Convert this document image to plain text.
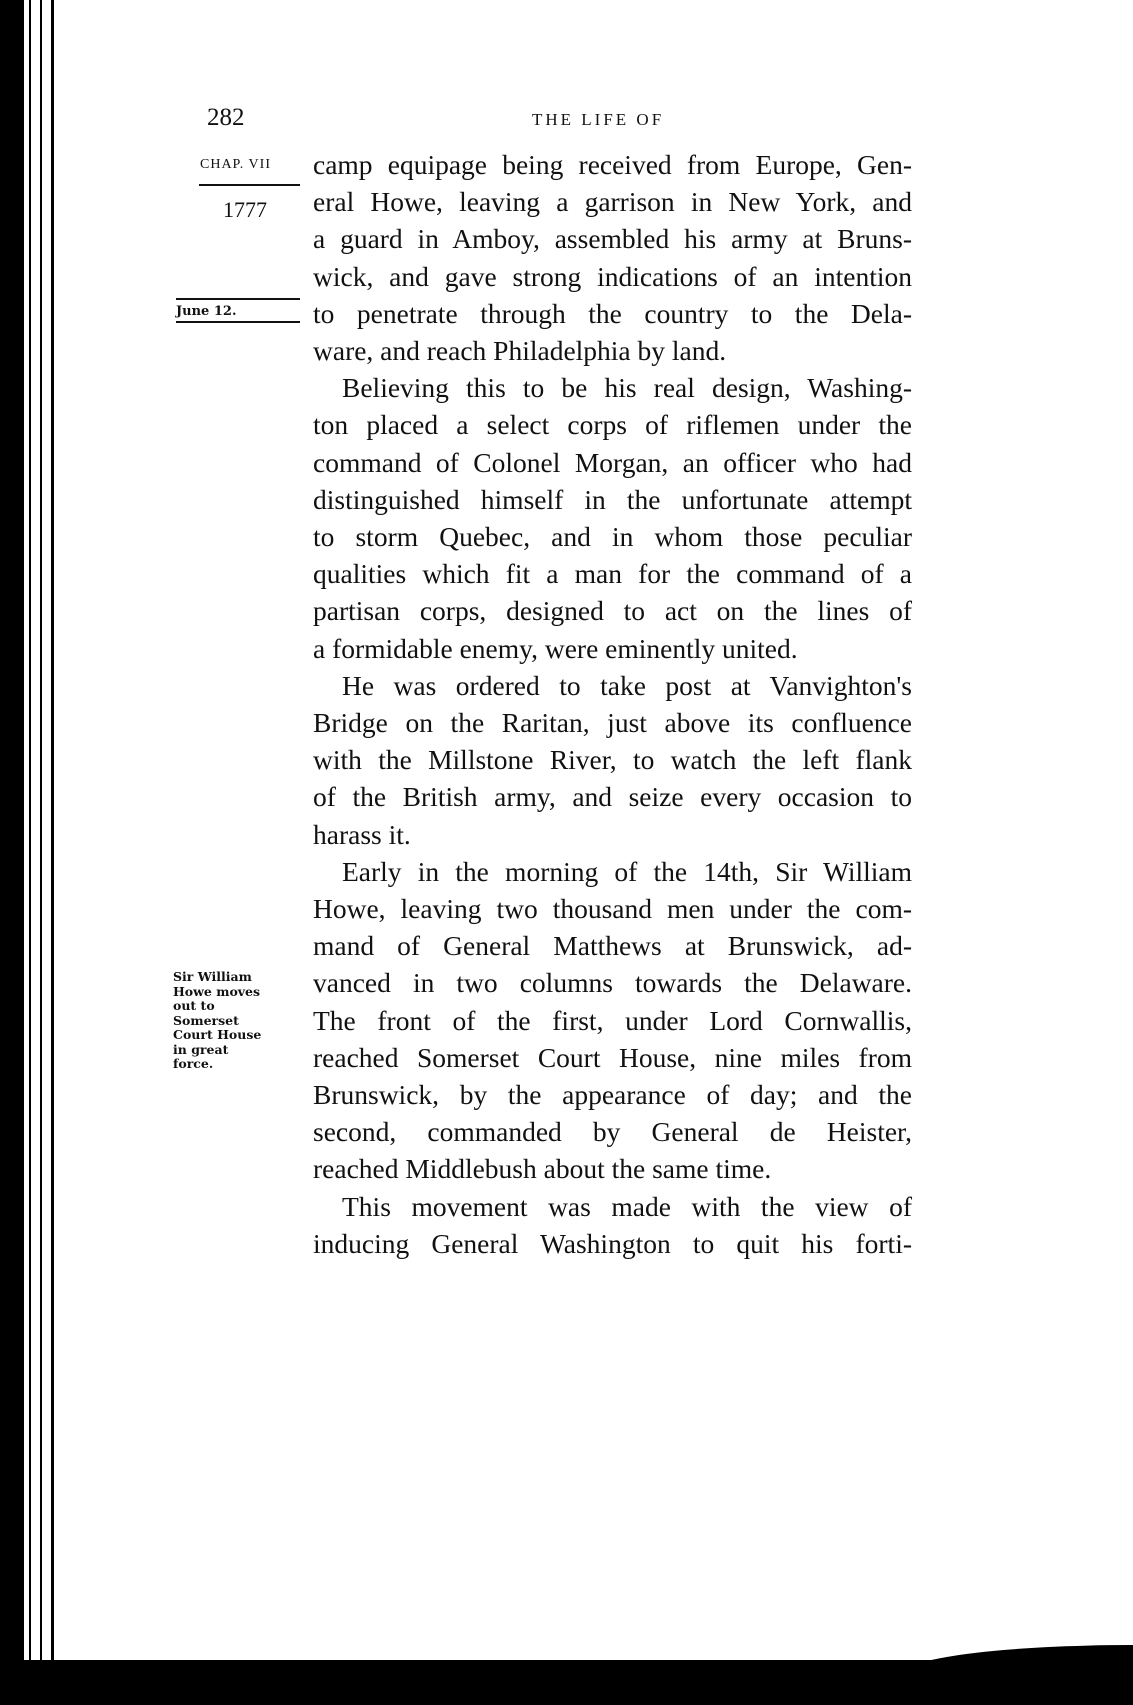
282	THE LIFE OF
CHAP. VII
1777
June 12.
Sir William
Howe moves
out to
Somerset
Court House
in great
force.
camp equipage being received from Europe, Gen-
eral Howe, leaving a garrison in New York, and
a guard in Amboy, assembled his army at Bruns-
wick, and gave strong indications of an intention
to penetrate through the country to the Dela-
ware, and reach Philadelphia by land.
Believing this to be his real design, Washing-
ton placed a select corps of riflemen under the
command of Colonel Morgan, an officer who had
distinguished himself in the unfortunate attempt
to storm Quebec, and in whom those peculiar
qualities which fit a man for the command of a
partisan corps, designed to act on the lines of
a formidable enemy, were eminently united.
He was ordered to take post at Vanvighton's
Bridge on the Raritan, just above its confluence
with the Millstone River, to watch the left flank
of the British army, and seize every occasion to
harass it.
Early in the morning of the 14th, Sir William
Howe, leaving two thousand men under the com-
mand of General Matthews at Brunswick, ad-
vanced in two columns towards the Delaware.
The front of the first, under Lord Cornwallis,
reached Somerset Court House, nine miles from
Brunswick, by the appearance of day; and the
second, commanded by General de Heister,
reached Middlebush about the same time.
This movement was made with the view of
inducing General Washington to quit his forti-
